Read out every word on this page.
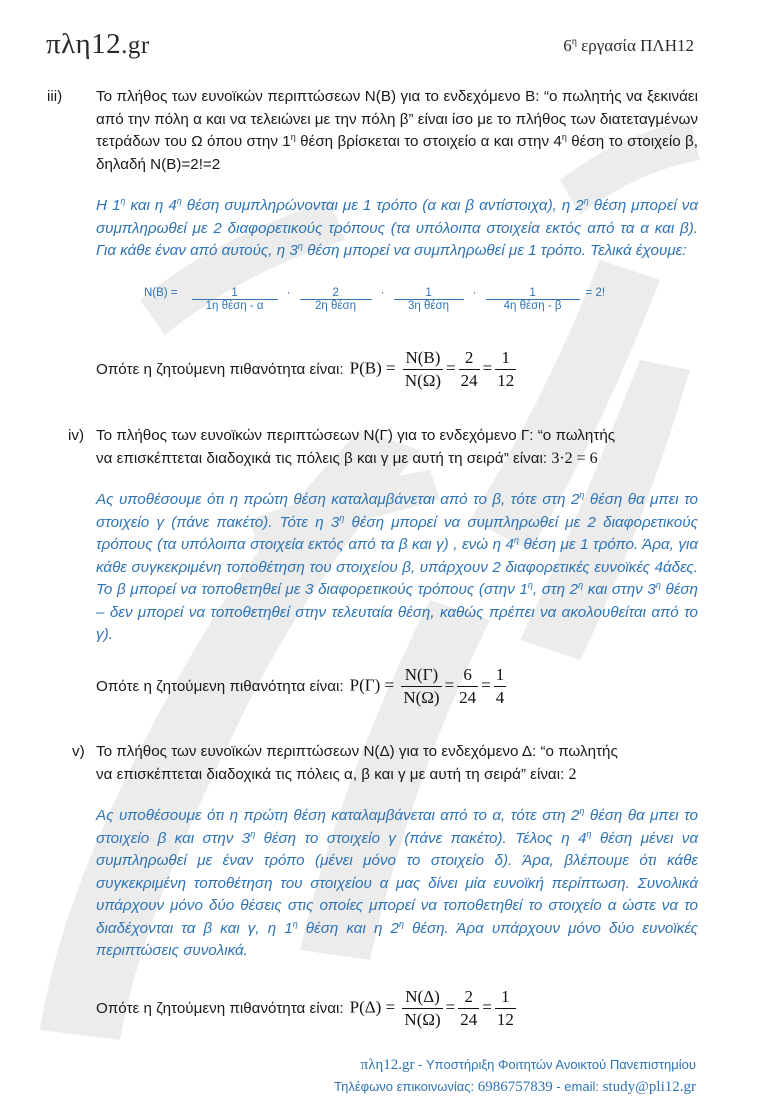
πλη12.gr	$6^\eta$ εργασία ΠΛΗ12
iii) Το πλήθος των ευνοϊκών περιπτώσεων N(B) για το ενδεχόμενο Β: “ο πωλητής να ξεκινάει από την πόλη α και να τελειώνει με την πόλη β” είναι ίσο με το πλήθος των διατεταγμένων τετράδων του Ω όπου στην $1^\eta$ θέση βρίσκεται το στοιχείο α και στην $4^\eta$ θέση το στοιχείο β, δηλαδή N(B)=2!=2

Η $1^\eta$ και η $4^\eta$ θέση συμπληρώνονται με 1 τρόπο (α και β αντίστοιχα), η $2^\eta$ θέση μπορεί να συμπληρωθεί με 2 διαφορετικούς τρόπους (τα υπόλοιπα στοιχεία εκτός από τα α και β). Για κάθε έναν από αυτούς, η $3^\eta$ θέση μπορεί να συμπληρωθεί με 1 τρόπο. Τελικά έχουμε:

N(B) =	1	·	2	·	1	·	1	= 2!
	1η θέση - α		2η θέση		3η θέση		4η θέση - β	
Οπότε η ζητούμενη πιθανότητα είναι: $P(B) = \frac{N(B)}{N(\Omega)} = \frac{2}{24} = \frac{1}{12}$
iv) Το πλήθος των ευνοϊκών περιπτώσεων N(Γ) για το ενδεχόμενο Γ: “ο πωλητής
να επισκέπτεται διαδοχικά τις πόλεις β και γ με αυτή τη σειρά” είναι: 3·2 = 6

Ας υποθέσουμε ότι η πρώτη θέση καταλαμβάνεται από το β, τότε στη $2^\eta$ θέση θα μπει το στοιχείο γ (πάνε πακέτο). Τότε η $3^\eta$ θέση μπορεί να συμπληρωθεί με 2 διαφορετικούς τρόπους (τα υπόλοιπα στοιχεία εκτός από τα β και γ) , ενώ η $4^\eta$ θέση με 1 τρόπο. Άρα, για κάθε συγκεκριμένη τοποθέτηση του στοιχείου β, υπάρχουν 2 διαφορετικές ευνοϊκές 4άδες. Το β μπορεί να τοποθετηθεί με 3 διαφορετικούς τρόπους (στην $1^\eta$, στη $2^\eta$ και στην $3^\eta$ θέση – δεν μπορεί να τοποθετηθεί στην τελευταία θέση, καθώς πρέπει να ακολουθείται από το γ).

Οπότε η ζητούμενη πιθανότητα είναι: $P(\Gamma) = \frac{N(\Gamma)}{N(\Omega)} = \frac{6}{24} = \frac{1}{4}$
v) Το πλήθος των ευνοϊκών περιπτώσεων N(Δ) για το ενδεχόμενο Δ: “ο πωλητής
να επισκέπτεται διαδοχικά τις πόλεις α, β και γ με αυτή τη σειρά” είναι: 2

Ας υποθέσουμε ότι η πρώτη θέση καταλαμβάνεται από το α, τότε στη $2^\eta$ θέση θα μπει το στοιχείο β και στην $3^\eta$ θέση το στοιχείο γ (πάνε πακέτο). Τέλος η $4^\eta$ θέση μένει να συμπληρωθεί με έναν τρόπο (μένει μόνο το στοιχείο δ). Άρα, βλέπουμε ότι κάθε συγκεκριμένη τοποθέτηση του στοιχείου α μας δίνει μία ευνοϊκή περίπτωση. Συνολικά υπάρχουν μόνο δύο θέσεις στις οποίες μπορεί να τοποθετηθεί το στοιχείο α ώστε να το διαδέχονται τα β και γ, η $1^\eta$ θέση και η $2^\eta$ θέση. Άρα υπάρχουν μόνο δύο ευνοϊκές περιπτώσεις συνολικά.

Οπότε η ζητούμενη πιθανότητα είναι: $P(\Delta) = \frac{N(\Delta)}{N(\Omega)} = \frac{2}{24} = \frac{1}{12}$
πλη12.gr - Υποστήριξη Φοιτητών Ανοικτού Πανεπιστημίου
Τηλέφωνο επικοινωνίας: 6986757839 - email: study@pli12.gr
